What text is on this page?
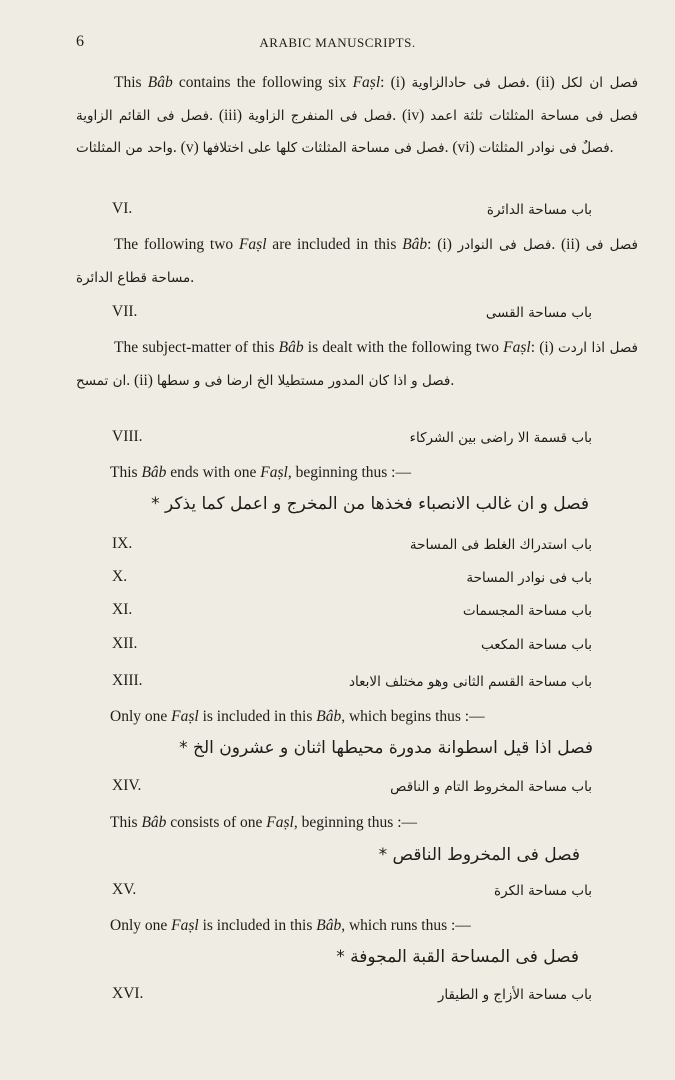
6	ARABIC MANUSCRIPTS.

This Bâb contains the following six Faṣl: (i) فصل فى حادالزاوية. (ii) فصل ان لكل فصل فى القائم الزاوية. (iii) فصل فى المنفرج الزاوية. (iv) فصل فى مساحة المثلثات ثلثة اعمد واحد من المثلثات. (v) فصل فى مساحة المثلثات كلها على اختلافها. (vi) فصلٌ فى نوادر المثلثات.

VI.	باب مساحة الدائرة

The following two Faṣl are included in this Bâb: (i) فصل فى النوادر. (ii) فصل فى مساحة قطاع الدائرة.

VII.	باب مساحة القسى

The subject-matter of this Bâb is dealt with the following two Faṣl: (i) فصل اذا اردت ان تمسح. (ii) فصل و اذا كان المدور مستطيلا الخ ارضا فى و سطها.

VIII.	باب قسمة الا راضى بين الشركاء
This Bâb ends with one Faṣl, beginning thus :—
فصل و ان غالب الانصباء فخذها من المخرج و اعمل كما يذكر *
IX.	باب استدراك الغلط فى المساحة
X.	باب فى نوادر المساحة
XI.	باب مساحة المجسمات
XII.	باب مساحة المكعب
XIII.	باب مساحة القسم الثانى وهو مختلف الابعاد
Only one Faṣl is included in this Bâb, which begins thus :—
فصل اذا قيل اسطوانة مدورة محيطها اثنان و عشرون الخ *
XIV.	باب مساحة المخروط التام و الناقص
This Bâb consists of one Faṣl, beginning thus :—
فصل فى المخروط الناقص *
XV.	باب مساحة الكرة
Only one Faṣl is included in this Bâb, which runs thus :—
فصل فى المساحة القبة المجوفة *
XVI.	باب مساحة الأزاج و الطيقار
